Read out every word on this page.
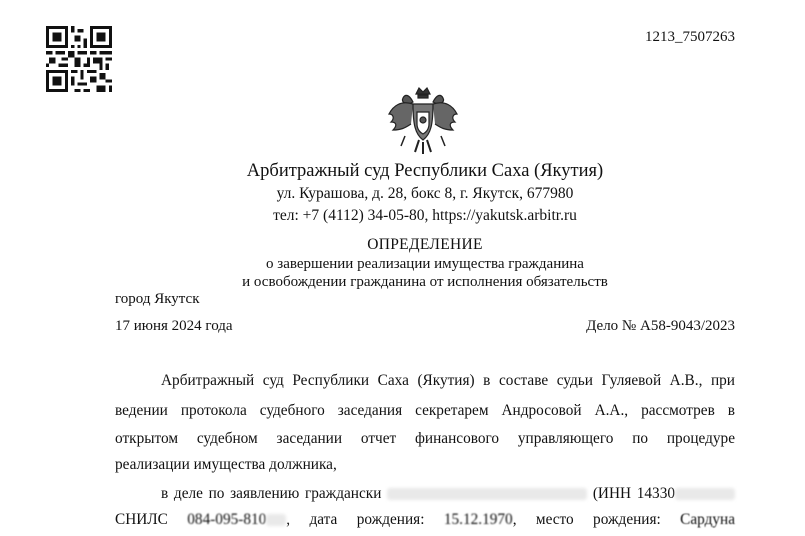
1213_7507263
Арбитражный суд Республики Саха (Якутия)
ул. Курашова, д. 28, бокс 8, г. Якутск, 677980
тел: +7 (4112) 34-05-80, https://yakutsk.arbitr.ru
ОПРЕДЕЛЕНИЕ
о завершении реализации имущества гражданина
и освобождении гражданина от исполнения обязательств
город Якутск
17 июня 2024 года	Дело № А58-9043/2023
Арбитражный суд Республики Саха (Якутия) в составе судьи Гуляевой А.В., при
ведении протокола судебного заседания секретарем Андросовой А.А., рассмотрев в
открытом судебном заседании отчет финансового управляющего по процедуре
реализации имущества должника,
в деле по заявлению граждански	(ИНН 14330
СНИЛС 084-095-810 , дата рождения: 15.12.1970, место рождения: Сардуна
